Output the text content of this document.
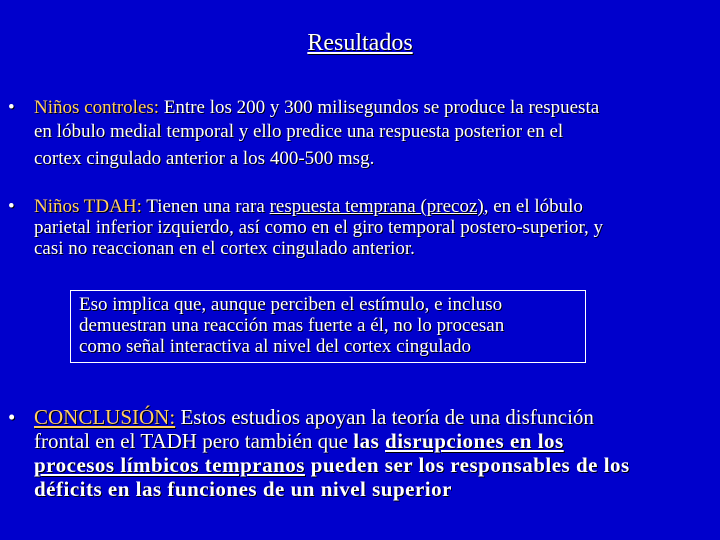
Resultados
• Niños controles: Entre los 200 y 300 milisegundos se produce la respuesta
en lóbulo medial temporal y ello predice una respuesta posterior en el
cortex cingulado anterior a los 400-500 msg.
• Niños TDAH: Tienen una rara respuesta temprana (precoz), en el lóbulo
parietal inferior izquierdo, así como en el giro temporal postero-superior, y
casi no reaccionan en el cortex cingulado anterior.
Eso implica que, aunque perciben el estímulo, e incluso
demuestran una reacción mas fuerte a él, no lo procesan
como señal interactiva al nivel del cortex cingulado
• CONCLUSIÓN: Estos estudios apoyan la teoría de una disfunción
frontal en el TADH pero también que las disrupciones en los
procesos límbicos tempranos pueden ser los responsables de los
déficits en las funciones de un nivel superior
